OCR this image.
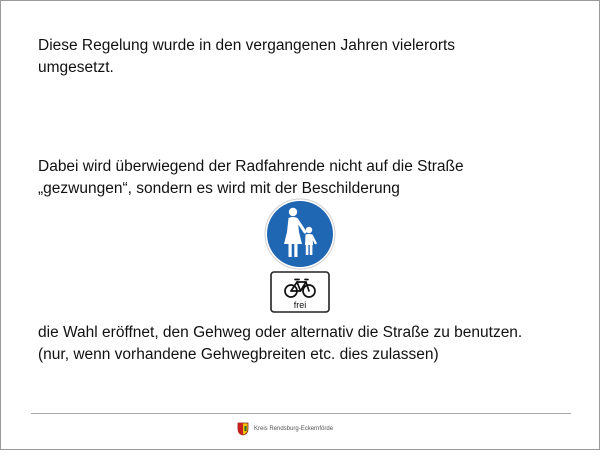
Diese Regelung wurde in den vergangenen Jahren vielerorts
umgesetzt.

Dabei wird überwiegend der Radfahrende nicht auf die Straße
„gezwungen“, sondern es wird mit der Beschilderung

frei

die Wahl eröffnet, den Gehweg oder alternativ die Straße zu benutzen.

(nur, wenn vorhandene Gehwegbreiten etc. dies zulassen)

Kreis Rendsburg-Eckernförde
